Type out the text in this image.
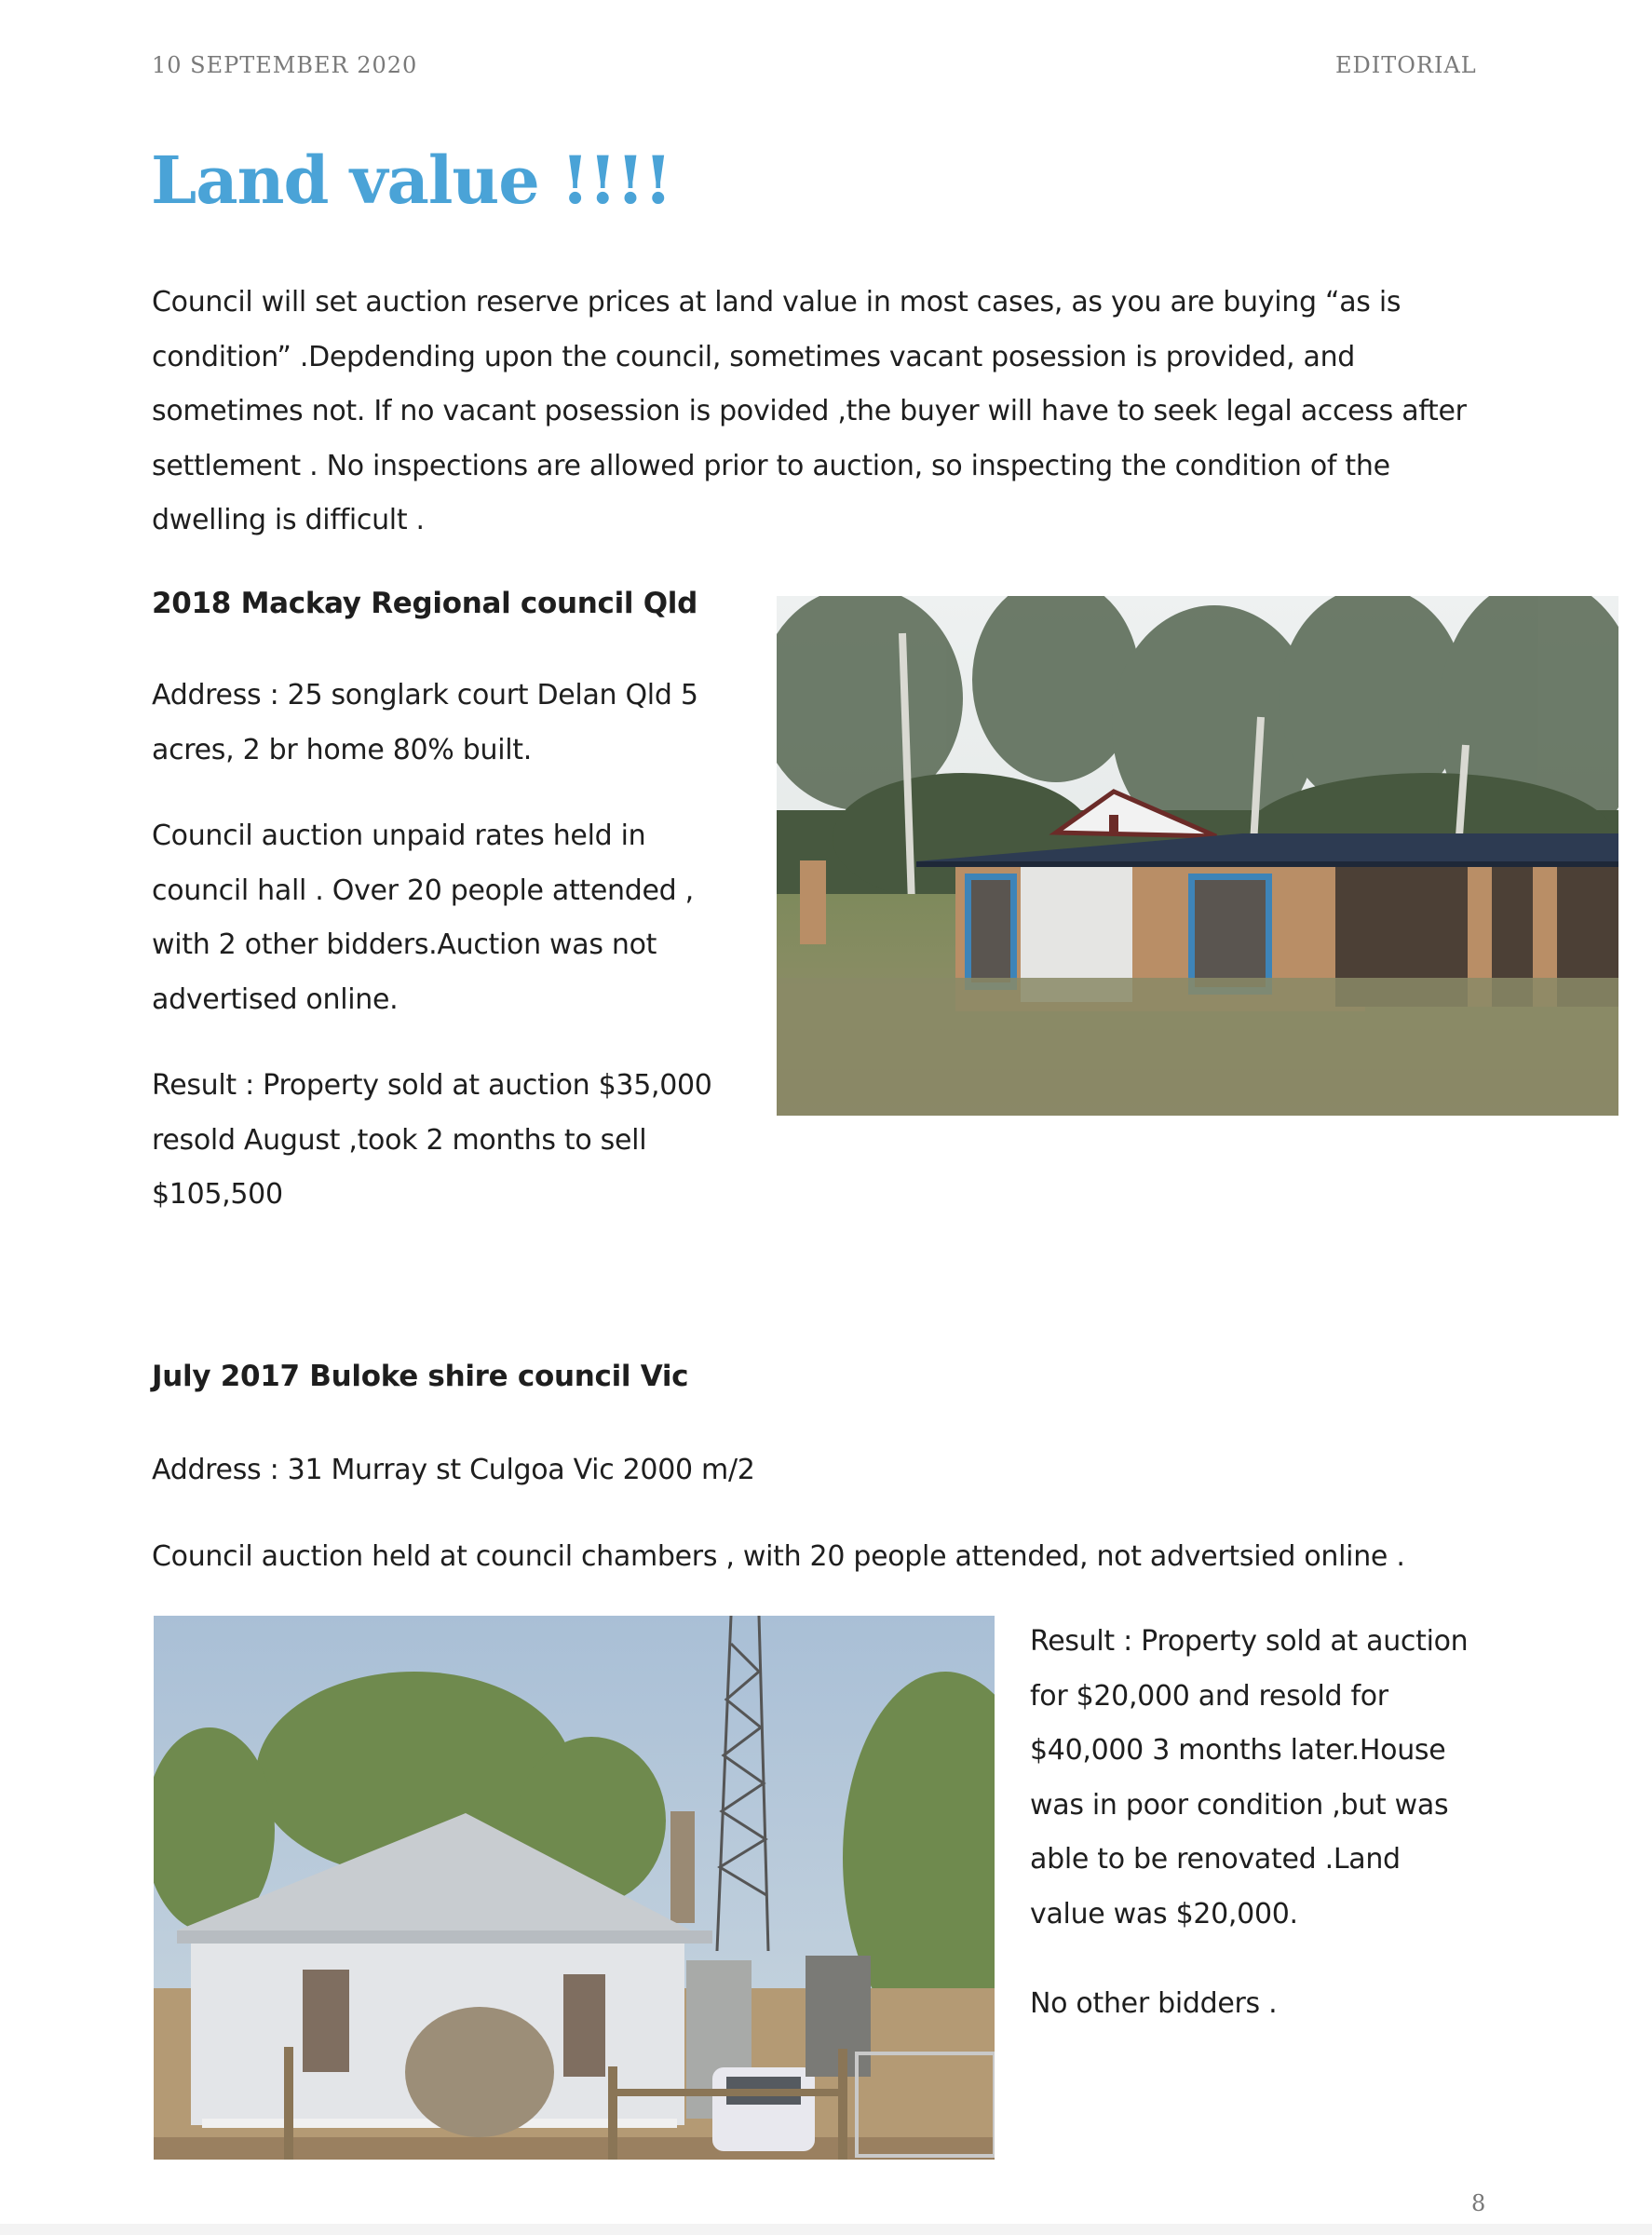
10 SEPTEMBER 2020	EDITORIAL
Land value !!!!

Council will set auction reserve prices at land value in most cases, as you are buying “as is

condition” .Depdending upon the council, sometimes vacant posession is provided, and

sometimes not. If no vacant posession is povided ,the buyer will have to seek legal access after

settlement . No inspections are allowed prior to auction, so inspecting the condition of the

dwelling is difficult .

2018 Mackay Regional council Qld

Address : 25 songlark court Delan Qld 5

acres, 2 br home 80% built.

Council auction unpaid rates held in

council hall . Over 20 people attended ,

with 2 other bidders.Auction was not

advertised online.

Result : Property sold at auction $35,000

resold August ,took 2 months to sell

$105,500

July 2017 Buloke shire council Vic

Address : 31 Murray st Culgoa Vic 2000 m/2

Council auction held at council chambers , with 20 people attended, not advertsied online .

Result : Property sold at auction

for $20,000 and resold for

$40,000 3 months later.House

was in poor condition ,but was

able to be renovated .Land

value was $20,000.

No other bidders .

8
